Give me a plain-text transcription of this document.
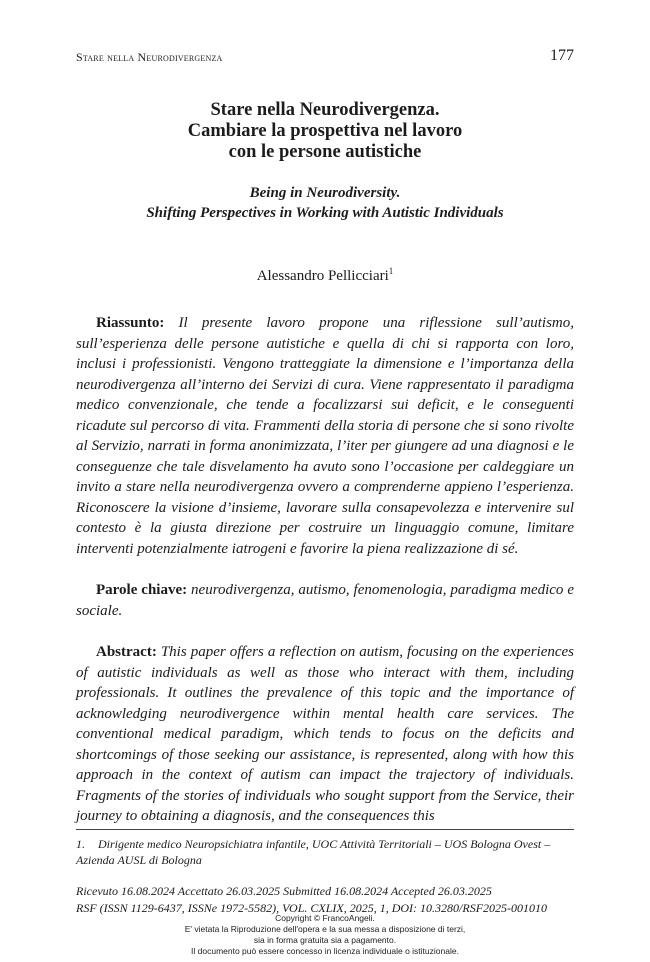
Stare nella Neurodivergenza	177
Stare nella Neurodivergenza.
Cambiare la prospettiva nel lavoro
con le persone autistiche
Being in Neurodiversity.
Shifting Perspectives in Working with Autistic Individuals
Alessandro Pellicciari$^1$

Riassunto: Il presente lavoro propone una riflessione sull’autismo, sull’esperienza delle persone autistiche e quella di chi si rapporta con loro, inclusi i professionisti. Vengono tratteggiate la dimensione e l’importanza della neurodivergenza all’interno dei Servizi di cura. Viene rappresentato il paradigma medico convenzionale, che tende a focalizzarsi sui deficit, e le conseguenti ricadute sul percorso di vita. Frammenti della storia di persone che si sono rivolte al Servizio, narrati in forma anonimizzata, l’iter per giungere ad una diagnosi e le conseguenze che tale disvelamento ha avuto sono l’occasione per caldeggiare un invito a stare nella neurodivergenza ovvero a comprenderne appieno l’esperienza. Riconoscere la visione d’insieme, lavorare sulla consapevolezza e intervenire sul contesto è la giusta direzione per costruire un linguaggio comune, limitare interventi potenzialmente iatrogeni e favorire la piena realizzazione di sé.

Parole chiave: neurodivergenza, autismo, fenomenologia, paradigma medico e sociale.

Abstract: This paper offers a reflection on autism, focusing on the experiences of autistic individuals as well as those who interact with them, including professionals. It outlines the prevalence of this topic and the importance of acknowledging neurodivergence within mental health care services. The conventional medical paradigm, which tends to focus on the deficits and shortcomings of those seeking our assistance, is represented, along with how this approach in the context of autism can impact the trajectory of individuals. Fragments of the stories of individuals who sought support from the Service, their journey to obtaining a diagnosis, and the consequences this

1. Dirigente medico Neuropsichiatra infantile, UOC Attività Territoriali – UOS Bologna Ovest – Azienda AUSL di Bologna
Ricevuto 16.08.2024 Accettato 26.03.2025 Submitted 16.08.2024 Accepted 26.03.2025
RSF (ISSN 1129-6437, ISSNe 1972-5582), VOL. CXLIX, 2025, 1, DOI: 10.3280/RSF2025-001010
Copyright © FrancoAngeli.
E' vietata la Riproduzione dell'opera e la sua messa a disposizione di terzi,
sia in forma gratuita sia a pagamento.
Il documento può essere concesso in licenza individuale o istituzionale.
